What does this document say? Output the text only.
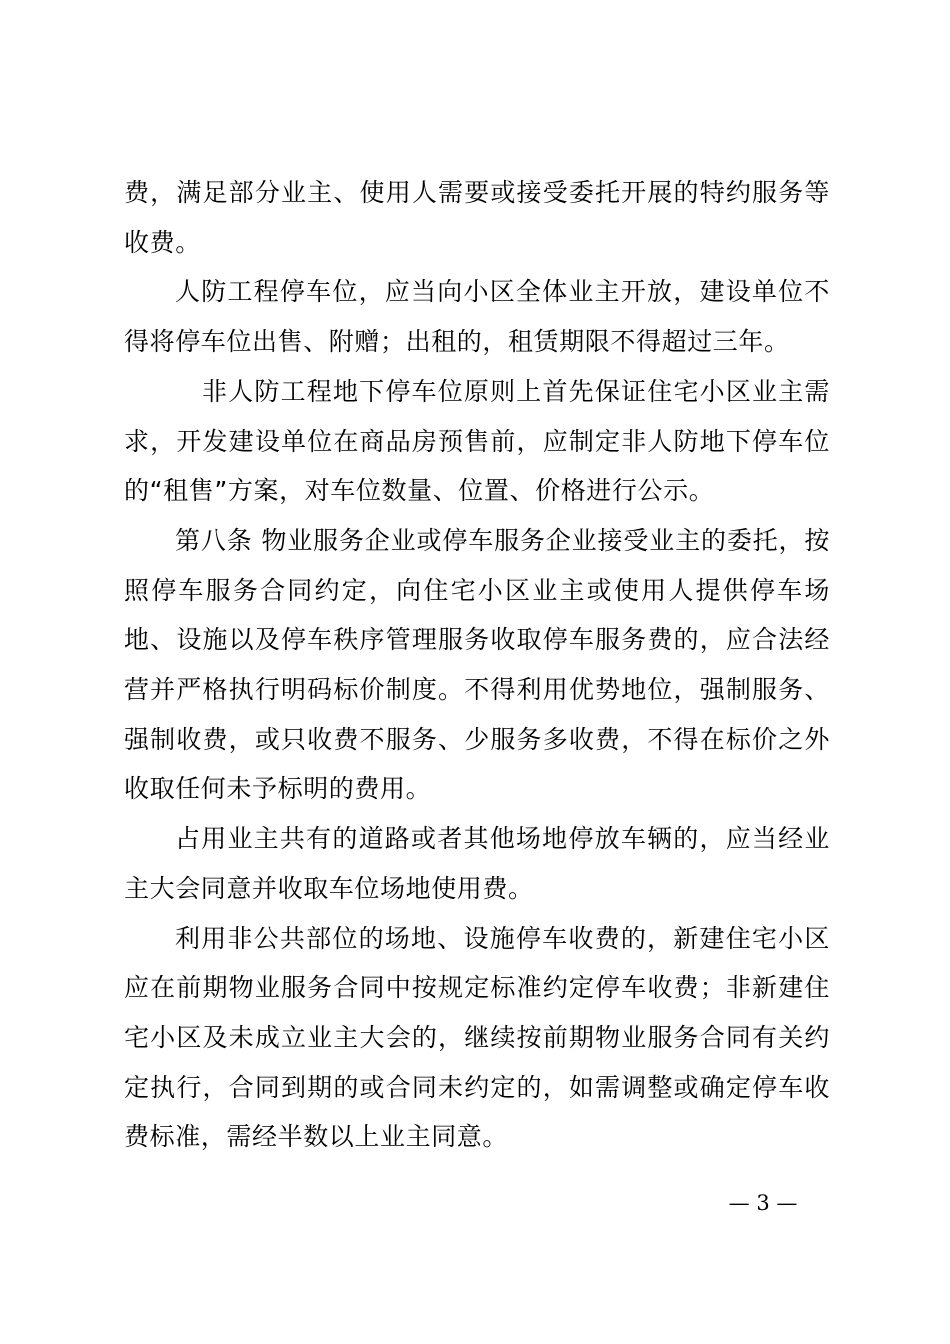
费，满足部分业主、使用人需要或接受委托开展的特约服务等收费。

人防工程停车位，应当向小区全体业主开放，建设单位不得将停车位出售、附赠；出租的，租赁期限不得超过三年。

非人防工程地下停车位原则上首先保证住宅小区业主需求，开发建设单位在商品房预售前，应制定非人防地下停车位的“租售”方案，对车位数量、位置、价格进行公示。

第八条 物业服务企业或停车服务企业接受业主的委托，按照停车服务合同约定，向住宅小区业主或使用人提供停车场地、设施以及停车秩序管理服务收取停车服务费的，应合法经营并严格执行明码标价制度。不得利用优势地位，强制服务、强制收费，或只收费不服务、少服务多收费，不得在标价之外收取任何未予标明的费用。

占用业主共有的道路或者其他场地停放车辆的，应当经业主大会同意并收取车位场地使用费。

利用非公共部位的场地、设施停车收费的，新建住宅小区应在前期物业服务合同中按规定标准约定停车收费；非新建住宅小区及未成立业主大会的，继续按前期物业服务合同有关约定执行，合同到期的或合同未约定的，如需调整或确定停车收费标准，需经半数以上业主同意。

— 3 —
